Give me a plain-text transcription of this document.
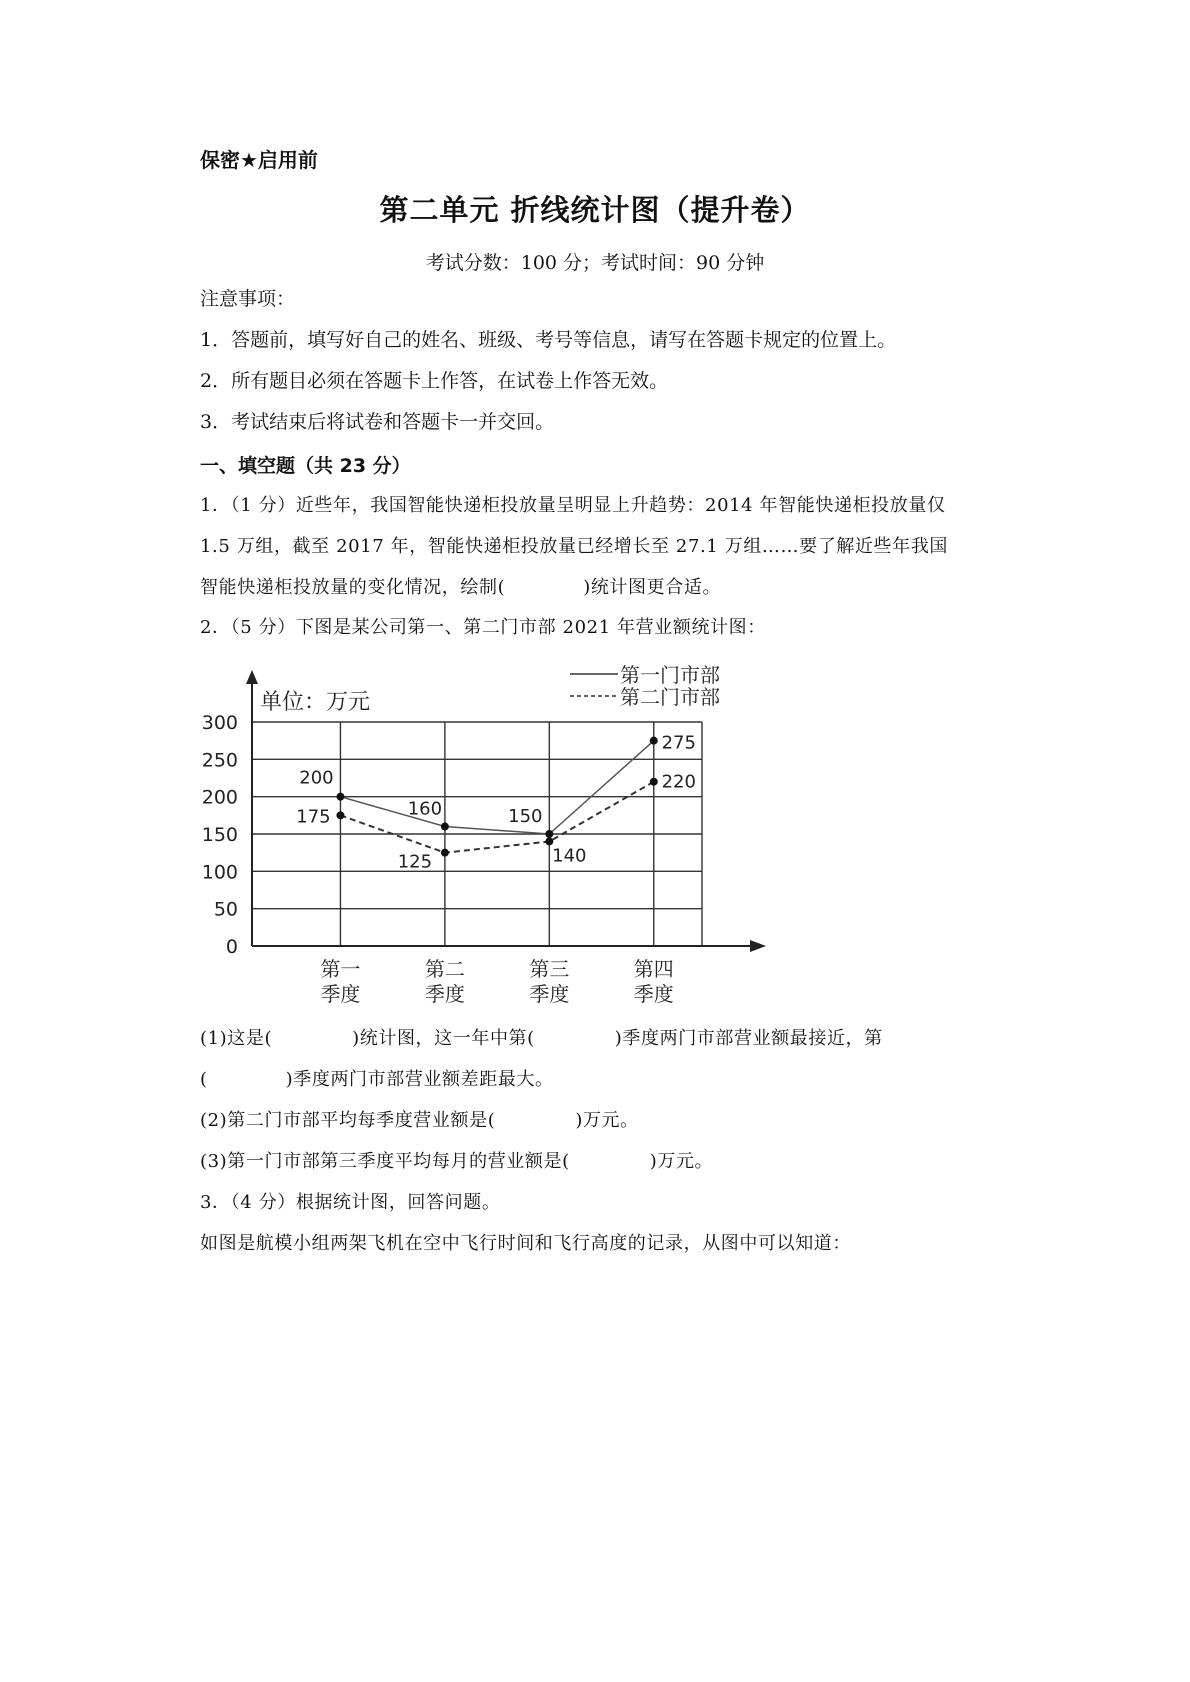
保密★启用前

第二单元 折线统计图（提升卷）

考试分数：100 分；考试时间：90 分钟

注意事项：

1．答题前，填写好自己的姓名、班级、考号等信息，请写在答题卡规定的位置上。

2．所有题目必须在答题卡上作答，在试卷上作答无效。

3．考试结束后将试卷和答题卡一并交回。

一、填空题（共 23 分）

1．（1 分）近些年，我国智能快递柜投放量呈明显上升趋势：2014 年智能快递柜投放量仅

1.5 万组，截至 2017 年，智能快递柜投放量已经增长至 27.1 万组……要了解近些年我国

智能快递柜投放量的变化情况，绘制(	)统计图更合适。

2．（5 分）下图是某公司第一、第二门市部 2021 年营业额统计图：

0
50
100
150
200
250
300
第一
季度
第二
季度
第三
季度
第四
季度
200
160	150
275
175
125	140
220
第一门市部
第二门市部
单位：万元

(1)这是(	)统计图，这一年中第(	)季度两门市部营业额最接近，第

(	)季度两门市部营业额差距最大。

(2)第二门市部平均每季度营业额是(	)万元。

(3)第一门市部第三季度平均每月的营业额是(	)万元。

3．（4 分）根据统计图，回答问题。

如图是航模小组两架飞机在空中飞行时间和飞行高度的记录，从图中可以知道：
